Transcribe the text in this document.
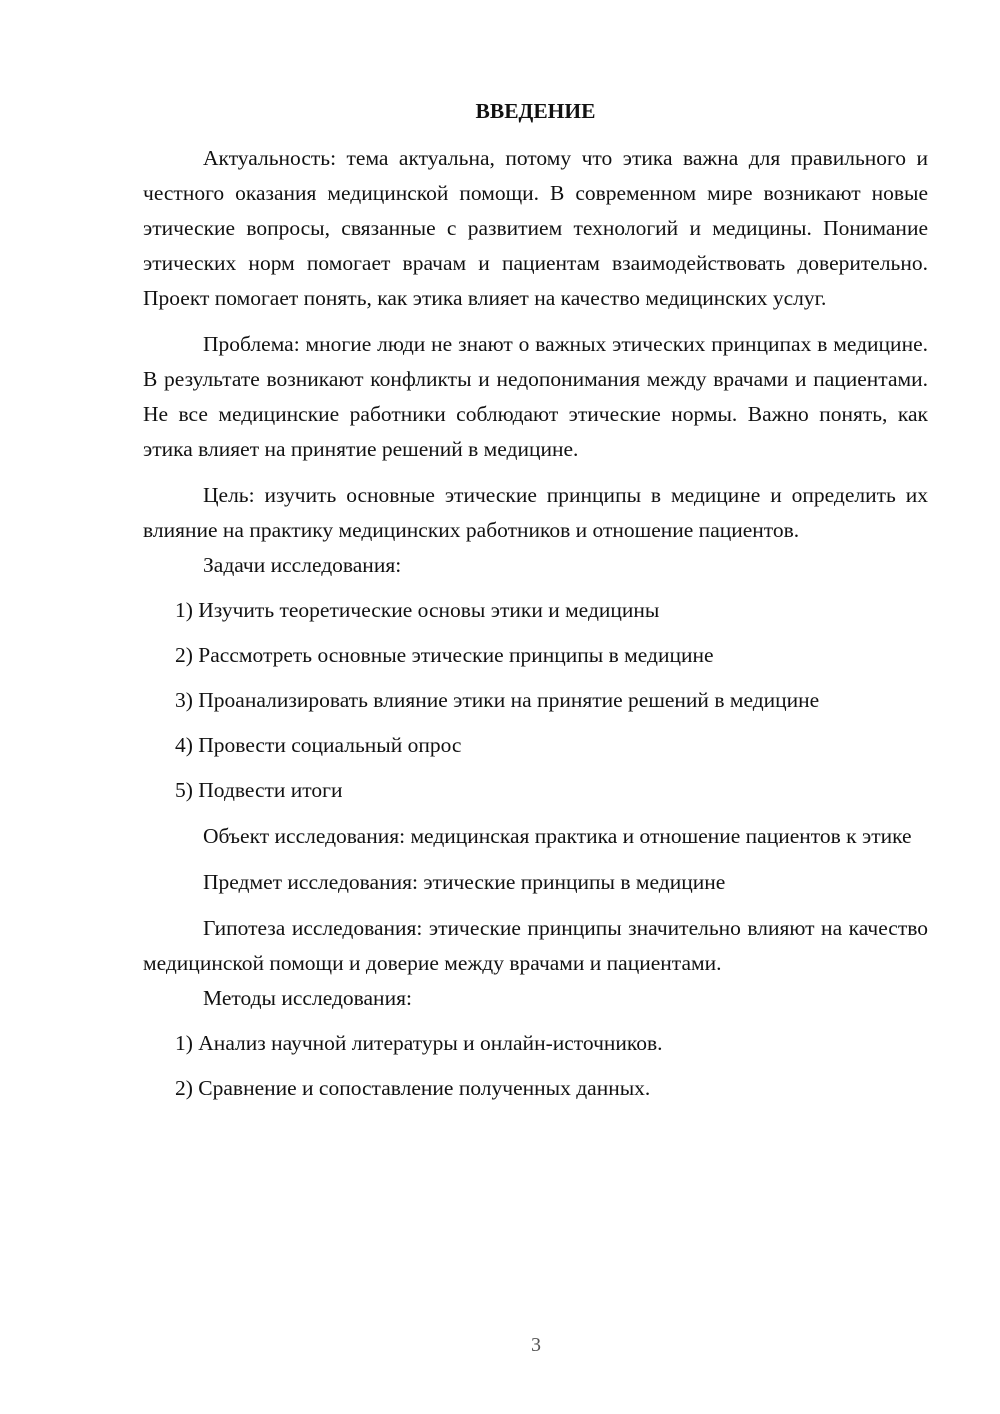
ВВЕДЕНИЕ

Актуальность: тема актуальна, потому что этика важна для правильного и честного оказания медицинской помощи. В современном мире возникают новые этические вопросы, связанные с развитием технологий и медицины. Понимание этических норм помогает врачам и пациентам взаимодействовать доверительно. Проект помогает понять, как этика влияет на качество медицинских услуг.

Проблема: многие люди не знают о важных этических принципах в медицине. В результате возникают конфликты и недопонимания между врачами и пациентами. Не все медицинские работники соблюдают этические нормы. Важно понять, как этика влияет на принятие решений в медицине.

Цель: изучить основные этические принципы в медицине и определить их влияние на практику медицинских работников и отношение пациентов.

Задачи исследования:

1) Изучить теоретические основы этики и медицины

2) Рассмотреть основные этические принципы в медицине

3) Проанализировать влияние этики на принятие решений в медицине

4) Провести социальный опрос

5) Подвести итоги

Объект исследования: медицинская практика и отношение пациентов к этике

Предмет исследования: этические принципы в медицине

Гипотеза исследования: этические принципы значительно влияют на качество медицинской помощи и доверие между врачами и пациентами.

Методы исследования:

1) Анализ научной литературы и онлайн-источников.

2) Сравнение и сопоставление полученных данных.

3
